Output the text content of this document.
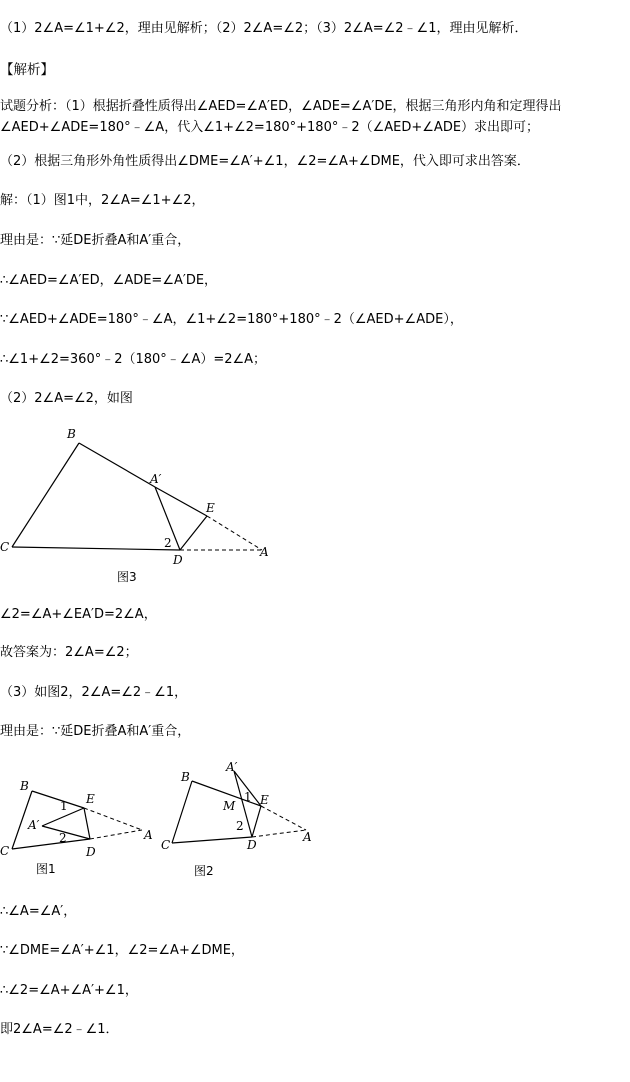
（1）2∠A=∠1+∠2，理由见解析；（2）2∠A=∠2；（3）2∠A=∠2﹣∠1，理由见解析．
【解析】
试题分析：（1）根据折叠性质得出∠AED=∠A′ED，∠ADE=∠A′DE，根据三角形内角和定理得出∠AED+∠ADE=180°﹣∠A，代入∠1+∠2=180°+180°﹣2（∠AED+∠ADE）求出即可；
（2）根据三角形外角性质得出∠DME=∠A′+∠1，∠2=∠A+∠DME，代入即可求出答案．
解：（1）图1中，2∠A=∠1+∠2，
理由是：∵延DE折叠A和A′重合，
∴∠AED=∠A′ED，∠ADE=∠A′DE，
∵∠AED+∠ADE=180°﹣∠A，∠1+∠2=180°+180°﹣2（∠AED+∠ADE），
∴∠1+∠2=360°﹣2（180°﹣∠A）=2∠A；
（2）2∠A=∠2，如图
B
A′
E
C	2
D
A
图3
∠2=∠A+∠EA′D=2∠A，
故答案为：2∠A=∠2；
（3）如图2，2∠A=∠2﹣∠1，
理由是：∵延DE折叠A和A′重合，
B
E
1
A′
2	A
C	D
图1
A′
B
M
1 E
2
A
C	D
图2
∴∠A=∠A′，
∵∠DME=∠A′+∠1，∠2=∠A+∠DME，
∴∠2=∠A+∠A′+∠1，
即2∠A=∠2﹣∠1．
